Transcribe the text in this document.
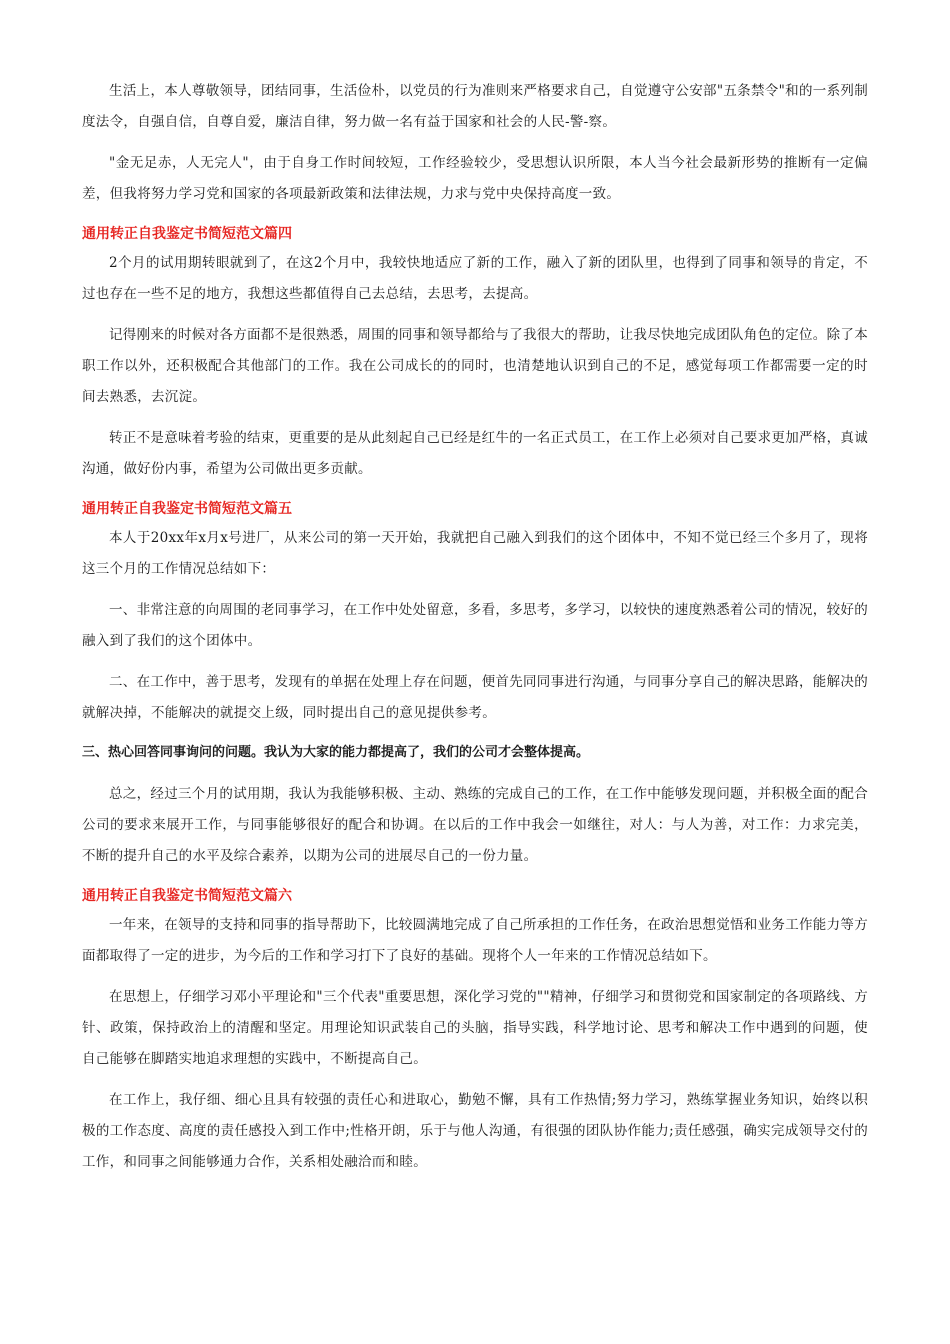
生活上，本人尊敬领导，团结同事，生活俭朴，以党员的行为准则来严格要求自己，自觉遵守公安部"五条禁令"和的一系列制度法令，自强自信，自尊自爱，廉洁自律，努力做一名有益于国家和社会的人民-警-察。

"金无足赤，人无完人"，由于自身工作时间较短，工作经验较少，受思想认识所限，本人当今社会最新形势的推断有一定偏差，但我将努力学习党和国家的各项最新政策和法律法规，力求与党中央保持高度一致。

通用转正自我鉴定书简短范文篇四

2个月的试用期转眼就到了，在这2个月中，我较快地适应了新的工作，融入了新的团队里，也得到了同事和领导的肯定，不过也存在一些不足的地方，我想这些都值得自己去总结，去思考，去提高。

记得刚来的时候对各方面都不是很熟悉，周围的同事和领导都给与了我很大的帮助，让我尽快地完成团队角色的定位。除了本职工作以外，还积极配合其他部门的工作。我在公司成长的的同时，也清楚地认识到自己的不足，感觉每项工作都需要一定的时间去熟悉，去沉淀。

转正不是意味着考验的结束，更重要的是从此刻起自己已经是红牛的一名正式员工，在工作上必须对自己要求更加严格，真诚沟通，做好份内事，希望为公司做出更多贡献。

通用转正自我鉴定书简短范文篇五

本人于20xx年x月x号进厂，从来公司的第一天开始，我就把自己融入到我们的这个团体中，不知不觉已经三个多月了，现将这三个月的工作情况总结如下：

一、非常注意的向周围的老同事学习，在工作中处处留意，多看，多思考，多学习，以较快的速度熟悉着公司的情况，较好的融入到了我们的这个团体中。

二、在工作中，善于思考，发现有的单据在处理上存在问题，便首先同同事进行沟通，与同事分享自己的解决思路，能解决的就解决掉，不能解决的就提交上级，同时提出自己的意见提供参考。

三、热心回答同事询问的问题。我认为大家的能力都提高了，我们的公司才会整体提高。

总之，经过三个月的试用期，我认为我能够积极、主动、熟练的完成自己的工作，在工作中能够发现问题，并积极全面的配合公司的要求来展开工作，与同事能够很好的配合和协调。在以后的工作中我会一如继往，对人：与人为善，对工作：力求完美，不断的提升自己的水平及综合素养，以期为公司的进展尽自己的一份力量。

通用转正自我鉴定书简短范文篇六

一年来，在领导的支持和同事的指导帮助下，比较圆满地完成了自己所承担的工作任务，在政治思想觉悟和业务工作能力等方面都取得了一定的进步，为今后的工作和学习打下了良好的基础。现将个人一年来的工作情况总结如下。

在思想上，仔细学习邓小平理论和"三个代表"重要思想，深化学习党的""精神，仔细学习和贯彻党和国家制定的各项路线、方针、政策，保持政治上的清醒和坚定。用理论知识武装自己的头脑，指导实践，科学地讨论、思考和解决工作中遇到的问题，使自己能够在脚踏实地追求理想的实践中，不断提高自己。

在工作上，我仔细、细心且具有较强的责任心和进取心，勤勉不懈，具有工作热情;努力学习，熟练掌握业务知识，始终以积极的工作态度、高度的责任感投入到工作中;性格开朗，乐于与他人沟通，有很强的团队协作能力;责任感强，确实完成领导交付的工作，和同事之间能够通力合作，关系相处融洽而和睦。
